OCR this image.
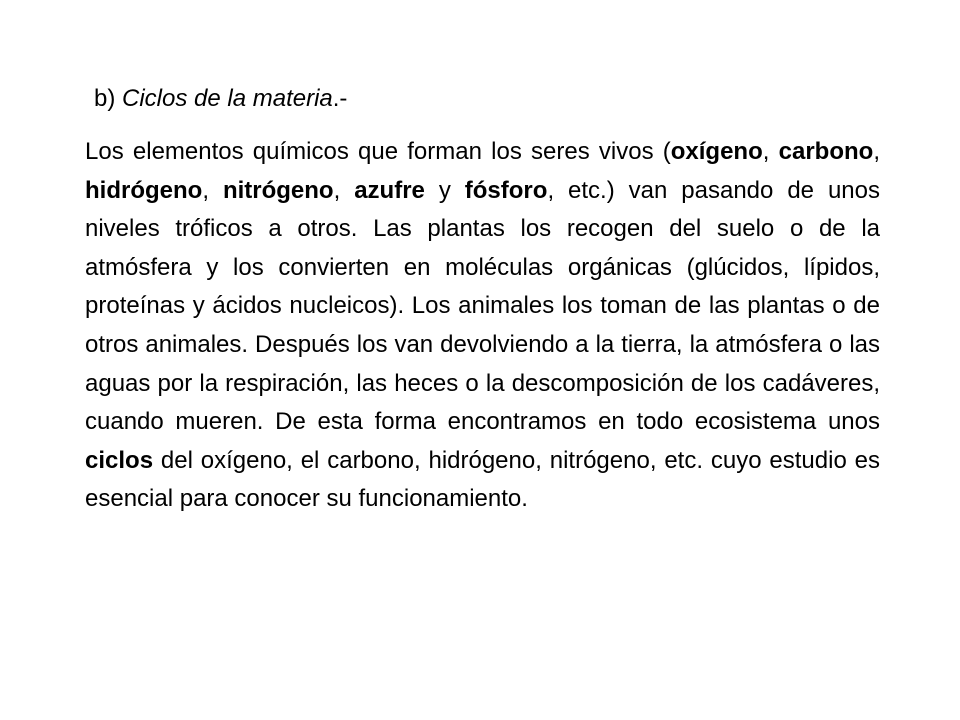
b) Ciclos de la materia.-
Los elementos químicos que forman los seres vivos (oxígeno, carbono, hidrógeno, nitrógeno, azufre y fósforo, etc.) van pasando de unos niveles tróficos a otros. Las plantas los recogen del suelo o de la atmósfera y los convierten en moléculas orgánicas (glúcidos, lípidos, proteínas y ácidos nucleicos). Los animales los toman de las plantas o de otros animales. Después los van devolviendo a la tierra, la atmósfera o las aguas por la respiración, las heces o la descomposición de los cadáveres, cuando mueren. De esta forma encontramos en todo ecosistema unos ciclos del oxígeno, el carbono, hidrógeno, nitrógeno, etc. cuyo estudio es esencial para conocer su funcionamiento.
